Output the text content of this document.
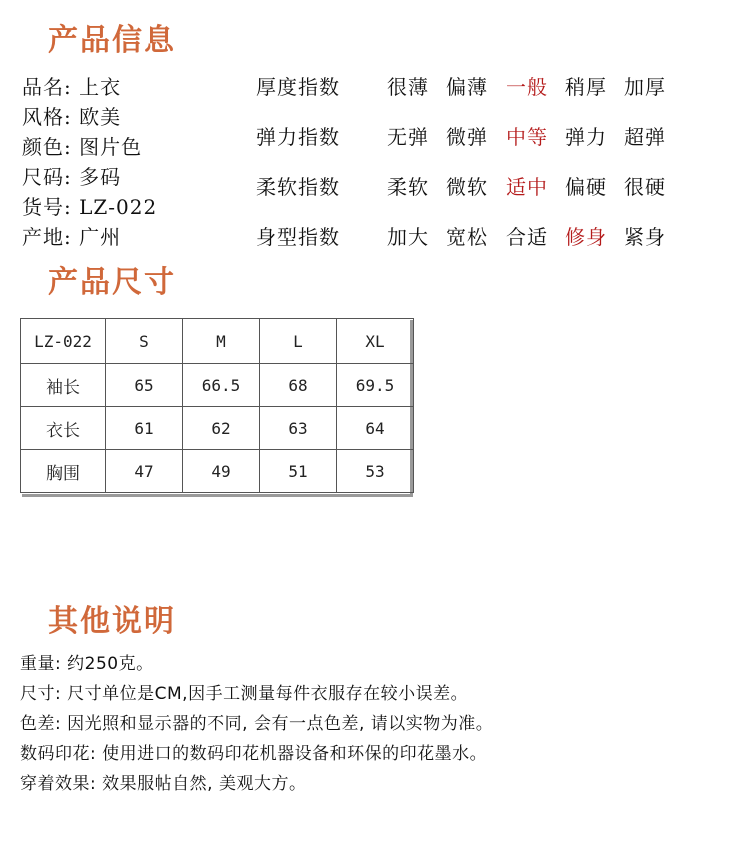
产品信息
品名: 上衣
风格: 欧美
颜色: 图片色
尺码: 多码
货号: LZ-022
产地: 广州
厚度指数 很薄 偏薄 一般 稍厚 加厚
弹力指数 无弹 微弹 中等 弹力 超弹
柔软指数 柔软 微软 适中 偏硬 很硬
身型指数 加大 宽松 合适 修身 紧身
产品尺寸
LZ-022	S	M	L	XL
袖长	65	66.5	68	69.5
衣长	61	62	63	64
胸围	47	49	51	53
其他说明
重量: 约250克。
尺寸: 尺寸单位是CM,因手工测量每件衣服存在较小误差。
色差: 因光照和显示器的不同, 会有一点色差, 请以实物为准。
数码印花: 使用进口的数码印花机器设备和环保的印花墨水。
穿着效果: 效果服帖自然, 美观大方。
